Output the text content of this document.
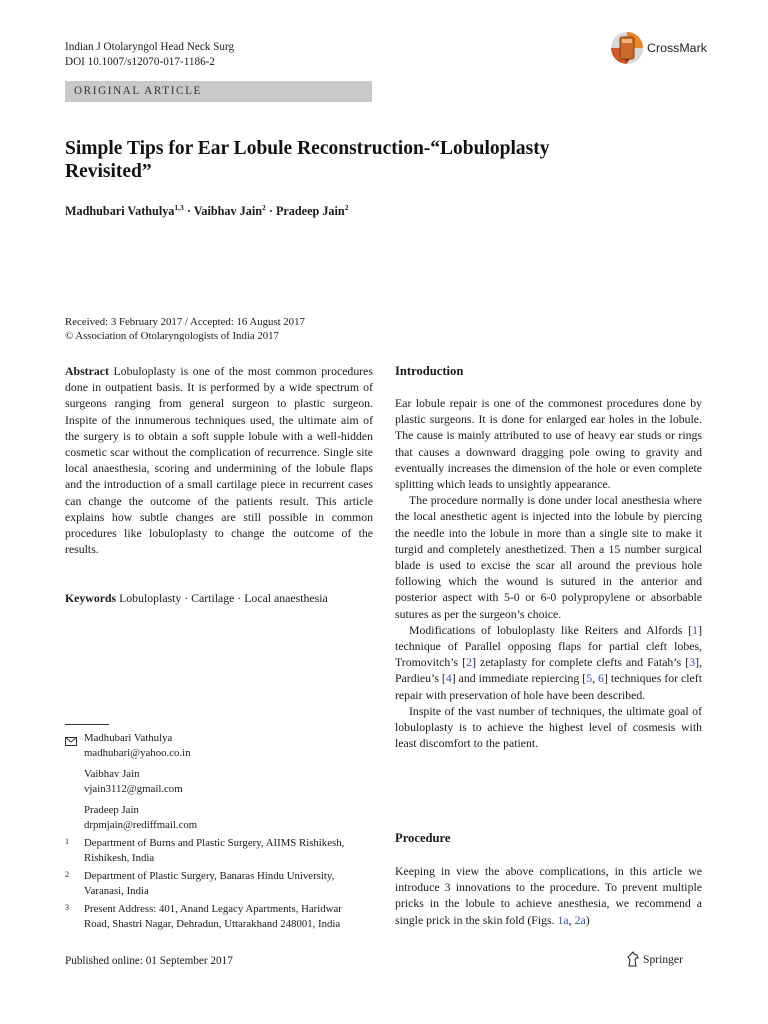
Indian J Otolaryngol Head Neck Surg
DOI 10.1007/s12070-017-1186-2
CrossMark
ORIGINAL ARTICLE
Simple Tips for Ear Lobule Reconstruction-“Lobuloplasty Revisited”
Madhubari Vathulya$^{1,3}$ · Vaibhav Jain$^2$ · Pradeep Jain$^2$
Received: 3 February 2017 / Accepted: 16 August 2017
© Association of Otolaryngologists of India 2017
Abstract Lobuloplasty is one of the most common procedures done in outpatient basis. It is performed by a wide spectrum of surgeons ranging from general surgeon to plastic surgeon. Inspite of the innumerous techniques used, the ultimate aim of the surgery is to obtain a soft supple lobule with a well-hidden cosmetic scar without the complication of recurrence. Single site local anaesthesia, scoring and undermining of the lobule flaps and the introduction of a small cartilage piece in recurrent cases can change the outcome of the patients result. This article explains how subtle changes are still possible in common procedures like lobuloplasty to change the outcome of the results.
Keywords Lobuloplasty · Cartilage · Local anaesthesia
Madhubari Vathulya
madhubari@yahoo.co.in
Vaibhav Jain
vjain3112@gmail.com
Pradeep Jain
drpmjain@rediffmail.com
1	Department of Burns and Plastic Surgery, AIIMS Rishikesh, Rishikesh, India
2	Department of Plastic Surgery, Banaras Hindu University, Varanasi, India
3	Present Address: 401, Anand Legacy Apartments, Haridwar Road, Shastri Nagar, Dehradun, Uttarakhand 248001, India
Introduction
Ear lobule repair is one of the commonest procedures done by plastic surgeons. It is done for enlarged ear holes in the lobule. The cause is mainly attributed to use of heavy ear studs or rings that causes a downward dragging pole owing to gravity and eventually increases the dimension of the hole or even complete splitting which leads to unsightly appearance.
The procedure normally is done under local anesthesia where the local anesthetic agent is injected into the lobule by piercing the needle into the lobule in more than a single site to make it turgid and completely anesthetized. Then a 15 number surgical blade is used to excise the scar all around the previous hole following which the wound is sutured in the anterior and posterior aspect with 5-0 or 6-0 polypropylene or absorbable sutures as per the surgeon’s choice.
Modifications of lobuloplasty like Reiters and Alfords [1] technique of Parallel opposing flaps for partial cleft lobes, Tromovitch’s [2] zetaplasty for complete clefts and Fatah’s [3], Pardieu’s [4] and immediate repiercing [5, 6] techniques for cleft repair with preservation of hole have been described.
Inspite of the vast number of techniques, the ultimate goal of lobuloplasty is to achieve the highest level of cosmesis with least discomfort to the patient.
Procedure
Keeping in view the above complications, in this article we introduce 3 innovations to the procedure. To prevent multiple pricks in the lobule to achieve anesthesia, we recommend a single prick in the skin fold (Figs. 1a, 2a)
Published online: 01 September 2017	Springer
